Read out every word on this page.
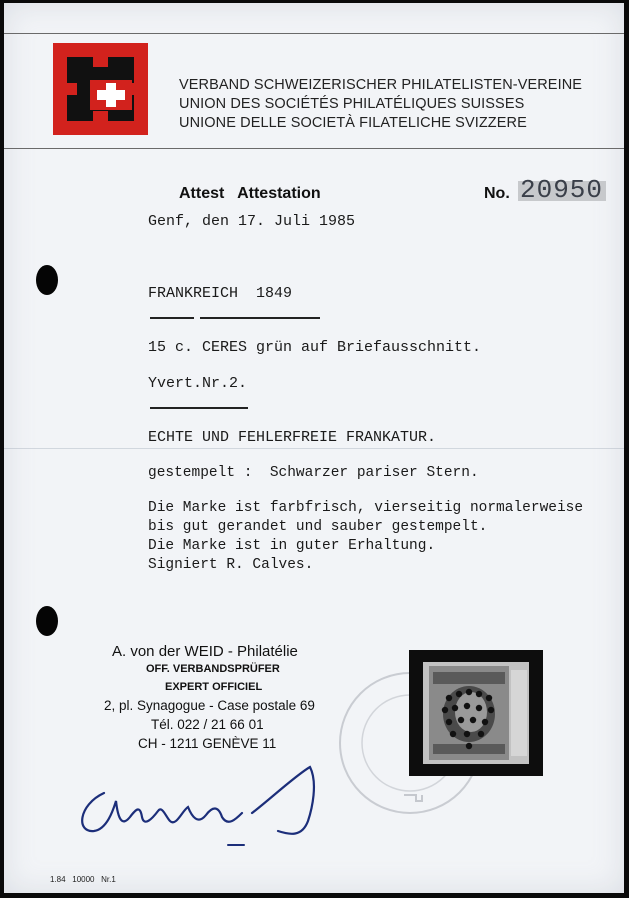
VERBAND SCHWEIZERISCHER PHILATELISTEN-VEREINE
UNION DES SOCIÉTÉS PHILATÉLIQUES SUISSES
UNIONE DELLE SOCIETÀ FILATELICHE SVIZZERE
Attest   Attestation	No. 20950
Genf, den 17. Juli 1985
FRANKREICH  1849
15 c. CERES grün auf Briefausschnitt.
Yvert.Nr.2.
ECHTE UND FEHLERFREIE FRANKATUR.
gestempelt :  Schwarzer pariser Stern.
Die Marke ist farbfrisch, vierseitig normalerweise
bis gut gerandet und sauber gestempelt.
Die Marke ist in guter Erhaltung.
Signiert R. Calves.
A. von der WEID - Philatélie
OFF. VERBANDSPRÜFER
EXPERT OFFICIEL
2, pl. Synagogue - Case postale 69
Tél. 022 / 21 66 01
CH - 1211 GENÈVE 11
1.84   10000   Nr.1
